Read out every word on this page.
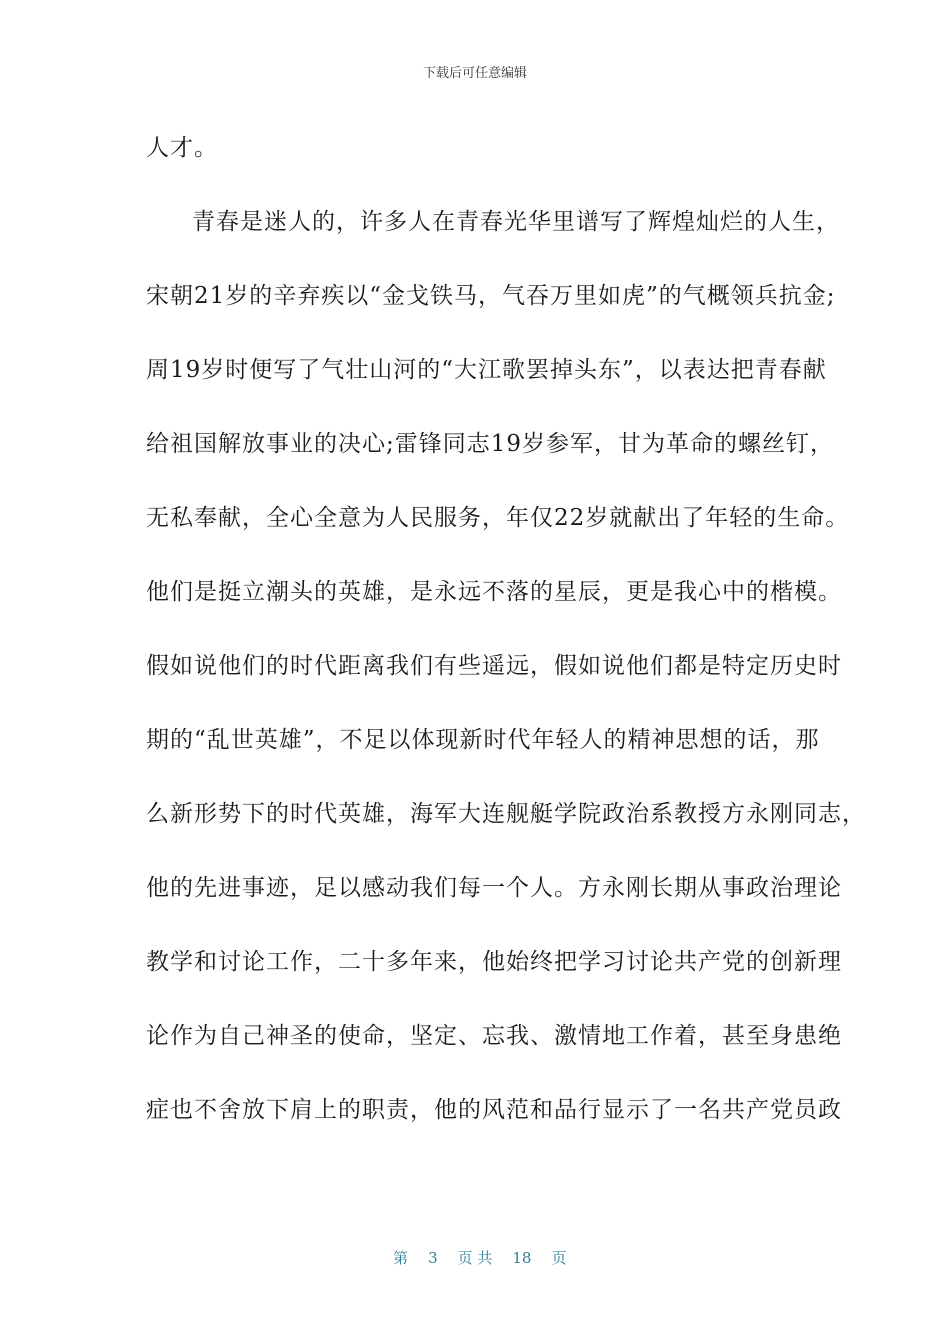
下载后可任意编辑
人才。
青春是迷人的，许多人在青春光华里谱写了辉煌灿烂的人生，
宋朝21岁的辛弃疾以“金戈铁马，气吞万里如虎”的气概领兵抗金;
周19岁时便写了气壮山河的“大江歌罢掉头东”，以表达把青春献
给祖国解放事业的决心;雷锋同志19岁参军，甘为革命的螺丝钉，
无私奉献，全心全意为人民服务，年仅22岁就献出了年轻的生命。
他们是挺立潮头的英雄，是永远不落的星辰，更是我心中的楷模。
假如说他们的时代距离我们有些遥远，假如说他们都是特定历史时
期的“乱世英雄”，不足以体现新时代年轻人的精神思想的话，那
么新形势下的时代英雄，海军大连舰艇学院政治系教授方永刚同志，
他的先进事迹，足以感动我们每一个人。方永刚长期从事政治理论
教学和讨论工作，二十多年来，他始终把学习讨论共产党的创新理
论作为自己神圣的使命，坚定、忘我、激情地工作着，甚至身患绝
症也不舍放下肩上的职责，他的风范和品行显示了一名共产党员政

第 3 页 共 18 页
